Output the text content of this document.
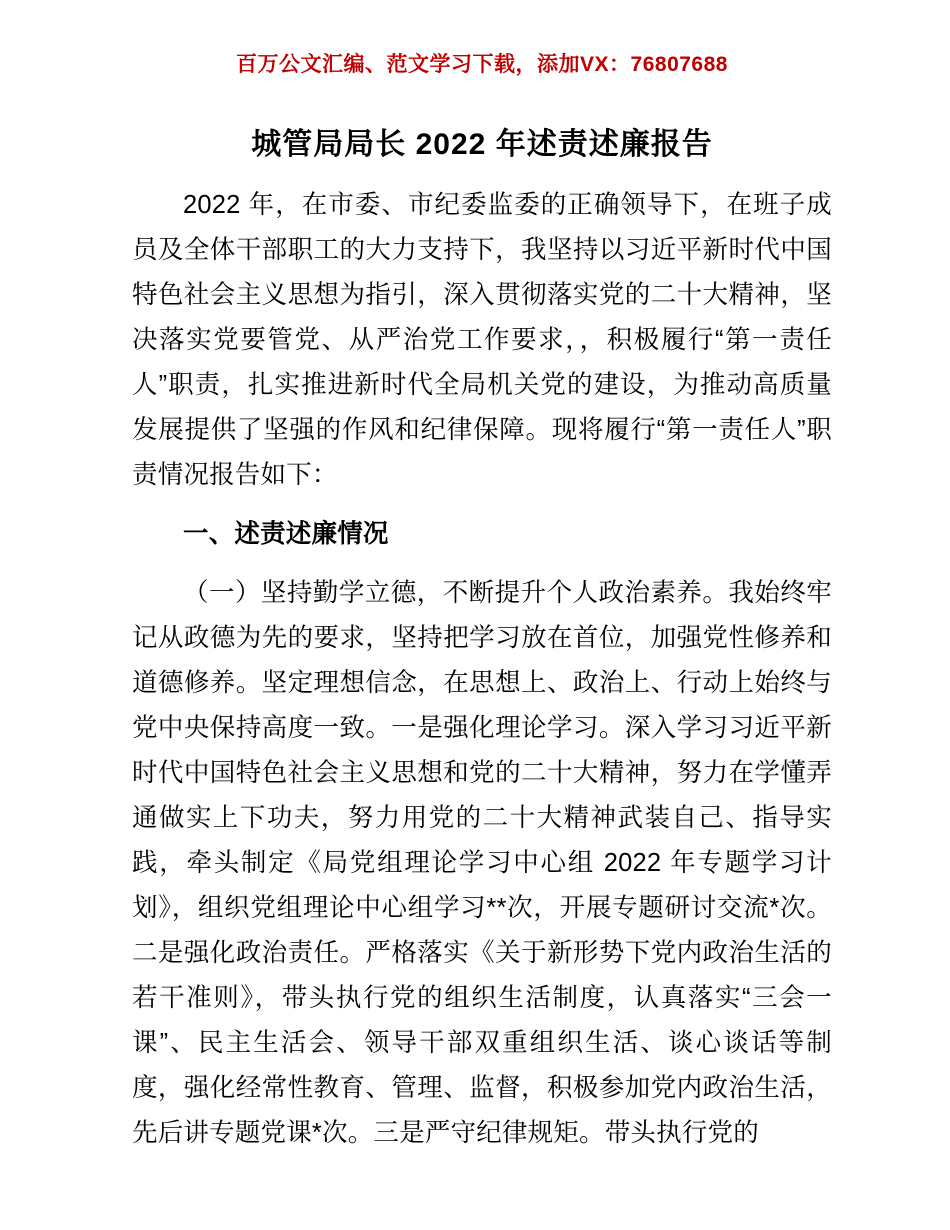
百万公文汇编、范文学习下载，添加VX：76807688
城管局局长 2022 年述责述廉报告

2022 年，在市委、市纪委监委的正确领导下，在班子成员及全体干部职工的大力支持下，我坚持以习近平新时代中国特色社会主义思想为指引，深入贯彻落实党的二十大精神，坚决落实党要管党、从严治党工作要求，，积极履行“第一责任人”职责，扎实推进新时代全局机关党的建设，为推动高质量发展提供了坚强的作风和纪律保障。现将履行“第一责任人”职责情况报告如下：

一、述责述廉情况

（一）坚持勤学立德，不断提升个人政治素养。我始终牢记从政德为先的要求，坚持把学习放在首位，加强党性修养和道德修养。坚定理想信念，在思想上、政治上、行动上始终与党中央保持高度一致。一是强化理论学习。深入学习习近平新时代中国特色社会主义思想和党的二十大精神，努力在学懂弄通做实上下功夫，努力用党的二十大精神武装自己、指导实践，牵头制定《局党组理论学习中心组 2022 年专题学习计划》，组织党组理论中心组学习**次，开展专题研讨交流*次。二是强化政治责任。严格落实《关于新形势下党内政治生活的若干准则》，带头执行党的组织生活制度，认真落实“三会一课”、民主生活会、领导干部双重组织生活、谈心谈话等制度，强化经常性教育、管理、监督，积极参加党内政治生活，先后讲专题党课*次。三是严守纪律规矩。带头执行党的
